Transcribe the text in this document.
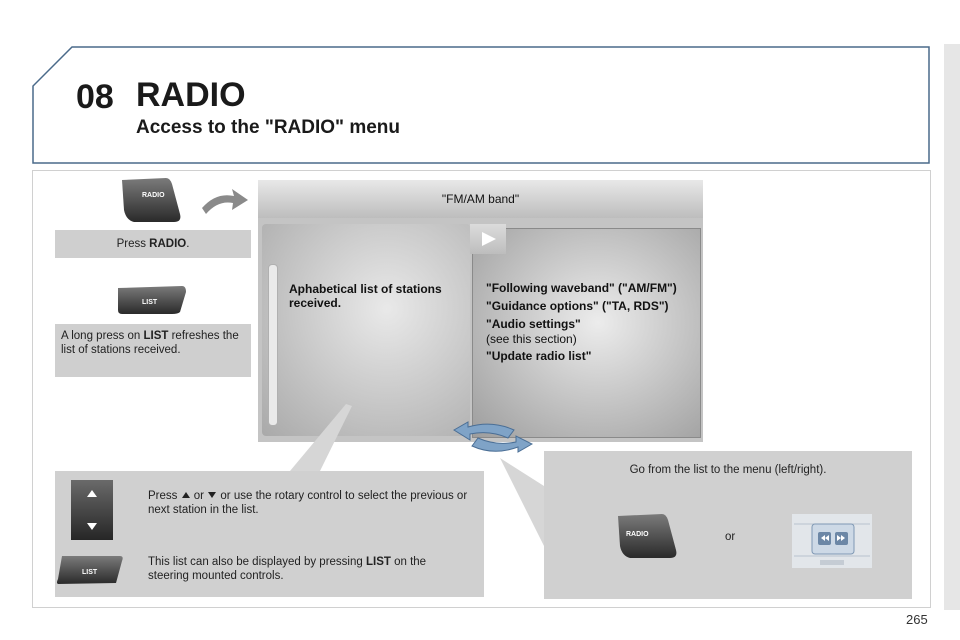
08 RADIO
Access to the "RADIO" menu
RADIO
Press RADIO.
LIST
A long press on LIST refreshes the list of stations received.
"FM/AM band"
Aphabetical list of stations received.
"Following waveband" ("AM/FM")
"Guidance options" ("TA, RDS")
"Audio settings"
(see this section)
"Update radio list"
LIST
Press  or  or use the rotary control to select the previous or next station in the list.
This list can also be displayed by pressing LIST on the steering mounted controls.
Go from the list to the menu (left/right).
RADIO	or
265
